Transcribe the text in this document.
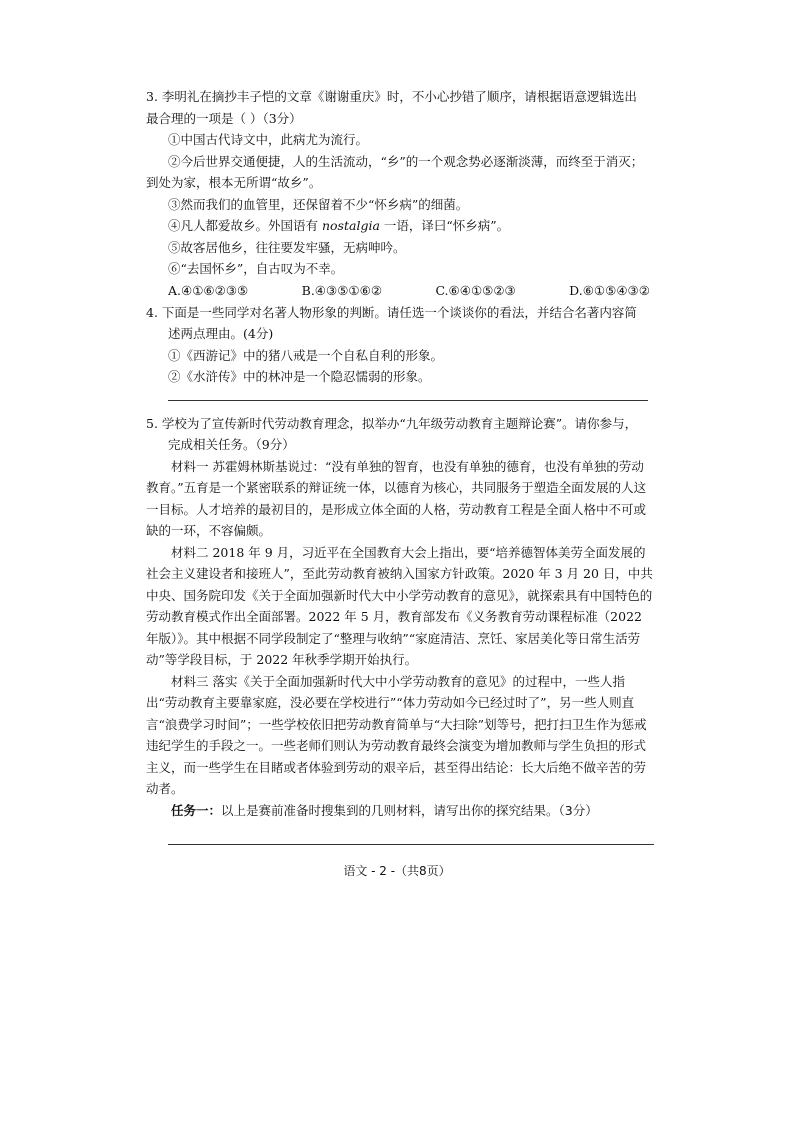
3. 李明礼在摘抄丰子恺的文章《谢谢重庆》时，不小心抄错了顺序，请根据语意逻辑选出

最合理的一项是（ ）（3分）

①中国古代诗文中，此病尤为流行。

②今后世界交通便捷，人的生活流动，“乡”的一个观念势必逐渐淡薄，而终至于消灭；

到处为家，根本无所谓“故乡”。

③然而我们的血管里，还保留着不少“怀乡病”的细菌。

④凡人都爱故乡。外国语有 nostalgia 一语，译曰“怀乡病”。

⑤故客居他乡，往往要发牢骚，无病呻吟。

⑥“去国怀乡”，自古叹为不幸。

A.④①⑥②③⑤	B.④③⑤①⑥②	C.⑥④①⑤②③	D.⑥①⑤④③②

4. 下面是一些同学对名著人物形象的判断。请任选一个谈谈你的看法，并结合名著内容简

述两点理由。(4分)

①《西游记》中的猪八戒是一个自私自利的形象。

②《水浒传》中的林冲是一个隐忍懦弱的形象。

5. 学校为了宣传新时代劳动教育理念，拟举办“九年级劳动教育主题辩论赛”。请你参与，

完成相关任务。（9分）

材料一 苏霍姆林斯基说过：“没有单独的智育，也没有单独的德育，也没有单独的劳动教育。”五育是一个紧密联系的辩证统一体，以德育为核心，共同服务于塑造全面发展的人这一目标。人才培养的最初目的，是形成立体全面的人格，劳动教育工程是全面人格中不可或缺的一环，不容偏颇。

材料二 2018 年 9 月，习近平在全国教育大会上指出，要“培养德智体美劳全面发展的社会主义建设者和接班人”，至此劳动教育被纳入国家方针政策。2020 年 3 月 20 日，中共中央、国务院印发《关于全面加强新时代大中小学劳动教育的意见》，就探索具有中国特色的劳动教育模式作出全面部署。2022 年 5 月，教育部发布《义务教育劳动课程标准（2022 年版）》。其中根据不同学段制定了“整理与收纳”“家庭清洁、烹饪、家居美化等日常生活劳动”等学段目标，于 2022 年秋季学期开始执行。

材料三 落实《关于全面加强新时代大中小学劳动教育的意见》的过程中，一些人指出“劳动教育主要靠家庭，没必要在学校进行”“体力劳动如今已经过时了”，另一些人则直言“浪费学习时间”；一些学校依旧把劳动教育简单与“大扫除”划等号，把打扫卫生作为惩戒违纪学生的手段之一。一些老师们则认为劳动教育最终会演变为增加教师与学生负担的形式主义，而一些学生在目睹或者体验到劳动的艰辛后，甚至得出结论：长大后绝不做辛苦的劳动者。

任务一：以上是赛前准备时搜集到的几则材料，请写出你的探究结果。（3分）

语文 - 2 -（共8页）
